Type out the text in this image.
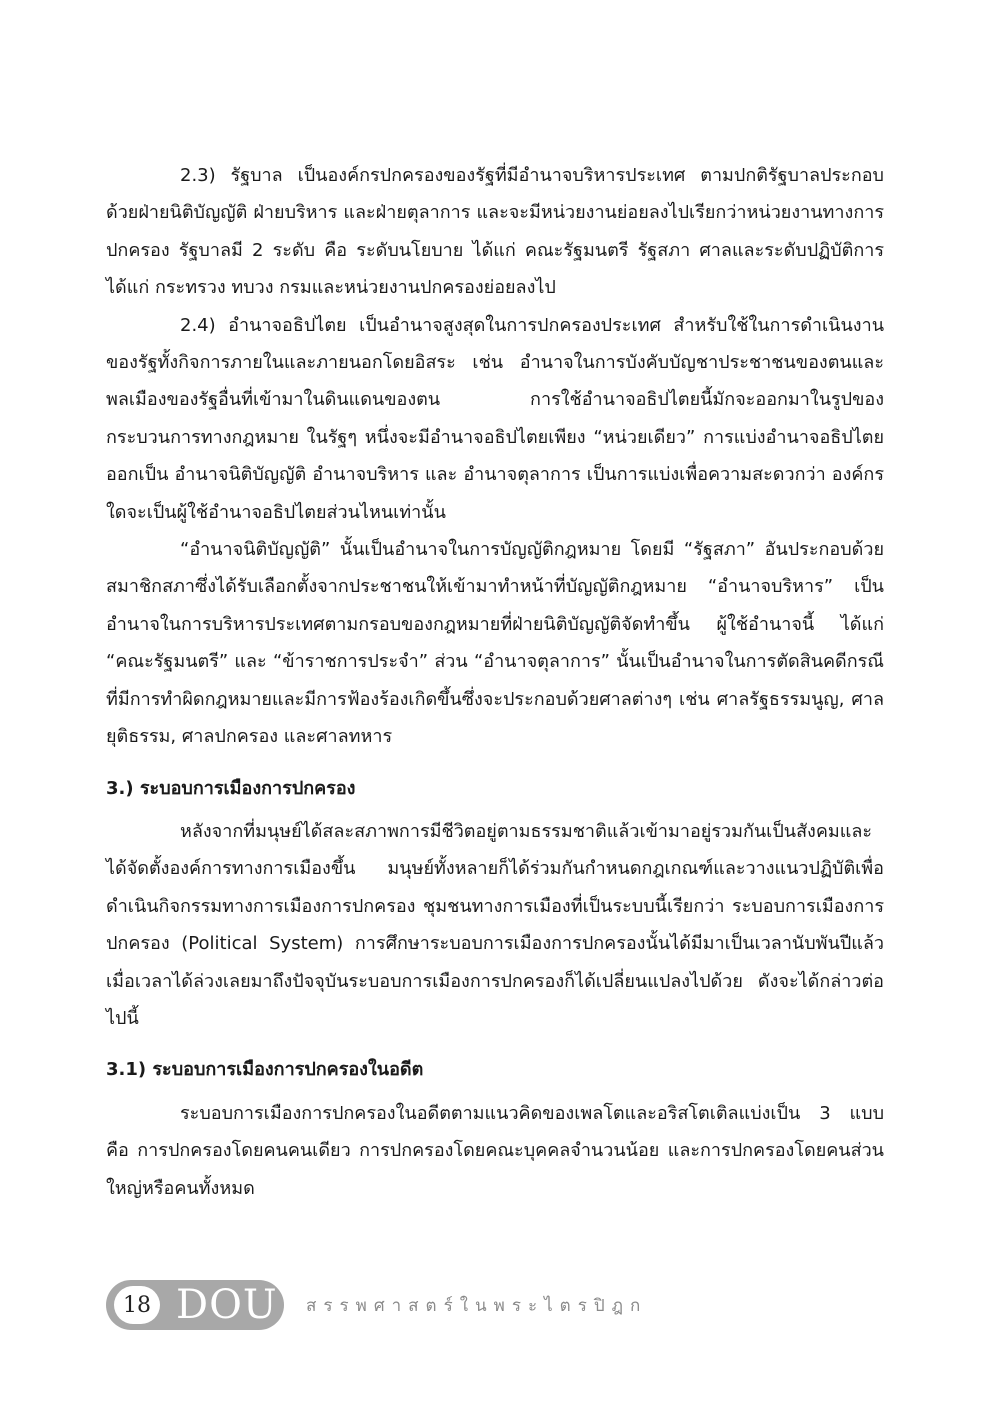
2.3) รัฐบาล เป็นองค์กรปกครองของรัฐที่มีอำนาจบริหารประเทศ ตามปกติรัฐบาลประกอบด้วยฝ่ายนิติบัญญัติ ฝ่ายบริหาร และฝ่ายตุลาการ และจะมีหน่วยงานย่อยลงไปเรียกว่าหน่วยงานทางการปกครอง รัฐบาลมี 2 ระดับ คือ ระดับนโยบาย ได้แก่ คณะรัฐมนตรี รัฐสภา ศาลและระดับปฏิบัติการ ได้แก่ กระทรวง ทบวง กรมและหน่วยงานปกครองย่อยลงไป

2.4) อำนาจอธิปไตย เป็นอำนาจสูงสุดในการปกครองประเทศ สำหรับใช้ในการดำเนินงานของรัฐทั้งกิจการภายในและภายนอกโดยอิสระ เช่น อำนาจในการบังคับบัญชาประชาชนของตนและพลเมืองของรัฐอื่นที่เข้ามาในดินแดนของตน การใช้อำนาจอธิปไตยนี้มักจะออกมาในรูปของกระบวนการทางกฎหมาย ในรัฐๆ หนึ่งจะมีอำนาจอธิปไตยเพียง “หน่วยเดียว” การแบ่งอำนาจอธิปไตยออกเป็น อำนาจนิติบัญญัติ อำนาจบริหาร และ อำนาจตุลาการ เป็นการแบ่งเพื่อความสะดวกว่า องค์กรใดจะเป็นผู้ใช้อำนาจอธิปไตยส่วนไหนเท่านั้น

“อำนาจนิติบัญญัติ” นั้นเป็นอำนาจในการบัญญัติกฎหมาย โดยมี “รัฐสภา” อันประกอบด้วยสมาชิกสภาซึ่งได้รับเลือกตั้งจากประชาชนให้เข้ามาทำหน้าที่บัญญัติกฎหมาย “อำนาจบริหาร” เป็นอำนาจในการบริหารประเทศตามกรอบของกฎหมายที่ฝ่ายนิติบัญญัติจัดทำขึ้น ผู้ใช้อำนาจนี้ ได้แก่ “คณะรัฐมนตรี” และ “ข้าราชการประจำ” ส่วน “อำนาจตุลาการ” นั้นเป็นอำนาจในการตัดสินคดีกรณีที่มีการทำผิดกฎหมายและมีการฟ้องร้องเกิดขึ้นซึ่งจะประกอบด้วยศาลต่างๆ เช่น ศาลรัฐธรรมนูญ, ศาลยุติธรรม, ศาลปกครอง และศาลทหาร

3.) ระบอบการเมืองการปกครอง

หลังจากที่มนุษย์ได้สละสภาพการมีชีวิตอยู่ตามธรรมชาติแล้วเข้ามาอยู่รวมกันเป็นสังคมและได้จัดตั้งองค์การทางการเมืองขึ้น มนุษย์ทั้งหลายก็ได้ร่วมกันกำหนดกฎเกณฑ์และวางแนวปฏิบัติเพื่อดำเนินกิจกรรมทางการเมืองการปกครอง ชุมชนทางการเมืองที่เป็นระบบนี้เรียกว่า ระบอบการเมืองการปกครอง (Political System) การศึกษาระบอบการเมืองการปกครองนั้นได้มีมาเป็นเวลานับพันปีแล้ว เมื่อเวลาได้ล่วงเลยมาถึงปัจจุบันระบอบการเมืองการปกครองก็ได้เปลี่ยนแปลงไปด้วย ดังจะได้กล่าวต่อไปนี้

3.1) ระบอบการเมืองการปกครองในอดีต

ระบอบการเมืองการปกครองในอดีตตามแนวคิดของเพลโตและอริสโตเติลแบ่งเป็น 3 แบบ คือ การปกครองโดยคนคนเดียว การปกครองโดยคณะบุคคลจำนวนน้อย และการปกครองโดยคนส่วนใหญ่หรือคนทั้งหมด

18 DOU สรรพศาสตร์ในพระไตรปิฎก
